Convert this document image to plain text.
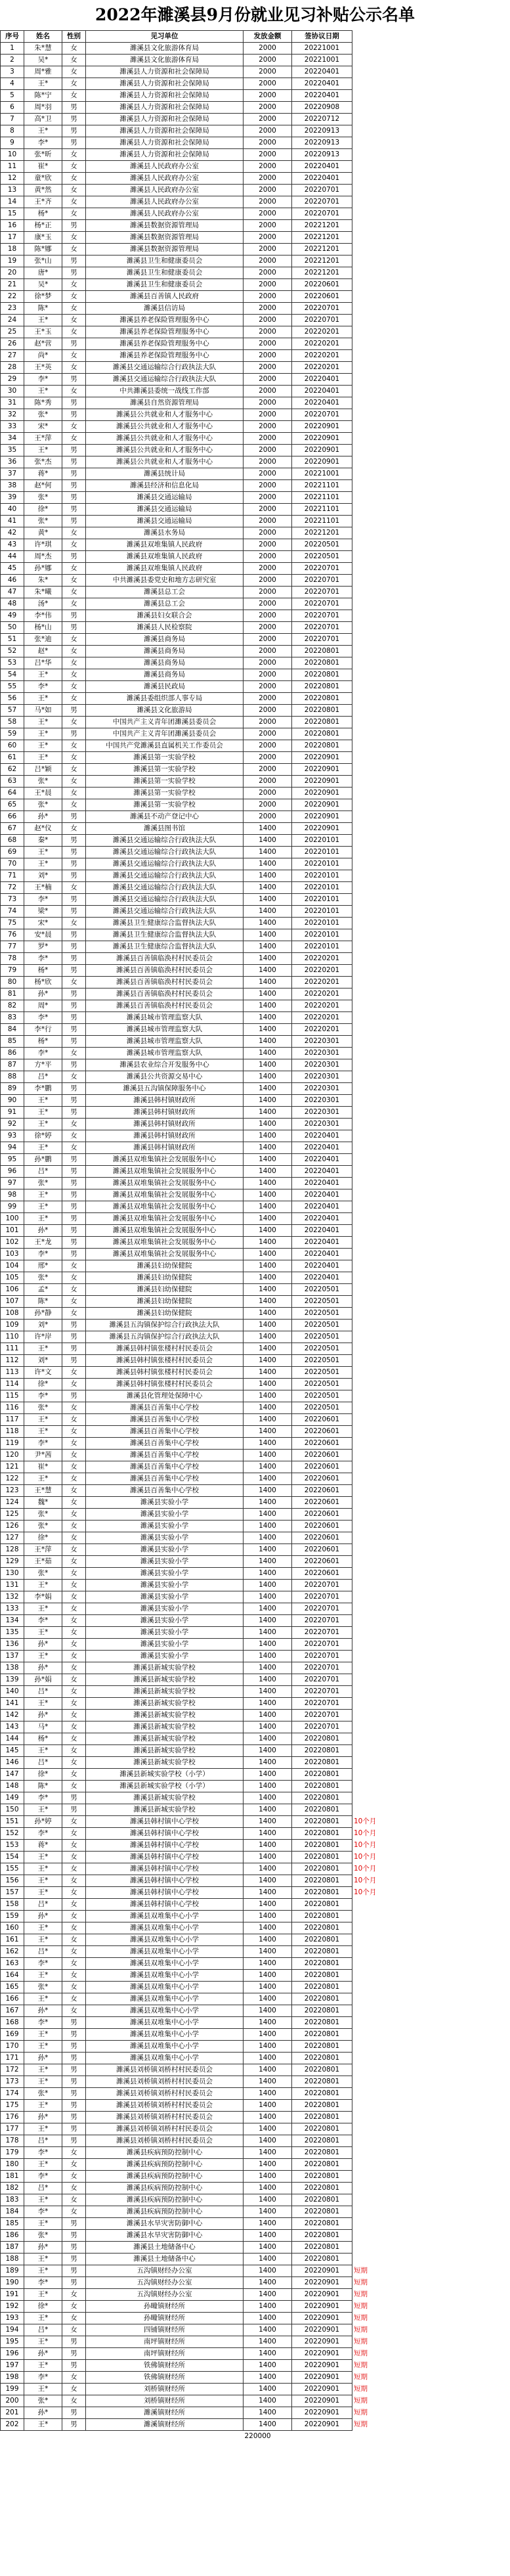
2022年濉溪县9月份就业见习补贴公示名单
序号	姓名	性别	见习单位	发放金额	签协议日期	
1	朱*慧	女	濉溪县文化旅游体育局	2000	20221001	
2	吴*	女	濉溪县文化旅游体育局	2000	20221001	
3	周*雅	女	濉溪县人力资源和社会保障局	2000	20220401	
4	王*	女	濉溪县人力资源和社会保障局	2000	20220401	
5	陈*宁	女	濉溪县人力资源和社会保障局	2000	20220401	
6	周*羽	男	濉溪县人力资源和社会保障局	2000	20220908	
7	高*卫	男	濉溪县人力资源和社会保障局	2000	20220712	
8	王*	男	濉溪县人力资源和社会保障局	2000	20220913	
9	李*	男	濉溪县人力资源和社会保障局	2000	20220913	
10	张*昕	女	濉溪县人力资源和社会保障局	2000	20220913	
11	崔*	女	濉溪县人民政府办公室	2000	20220401	
12	童*欣	女	濉溪县人民政府办公室	2000	20220401	
13	黄*然	女	濉溪县人民政府办公室	2000	20220701	
14	王*齐	女	濉溪县人民政府办公室	2000	20220701	
15	杨*	女	濉溪县人民政府办公室	2000	20220701	
16	杨*正	男	濉溪县数据资源管理局	2000	20221201	
17	康*玉	女	濉溪县数据资源管理局	2000	20221201	
18	陈*娜	女	濉溪县数据资源管理局	2000	20221201	
19	张*山	男	濉溪县卫生和健康委员会	2000	20221201	
20	唐*	男	濉溪县卫生和健康委员会	2000	20221201	
21	吴*	女	濉溪县卫生和健康委员会	2000	20220601	
22	徐*梦	女	濉溪县百善镇人民政府	2000	20220601	
23	陈*	女	濉溪县信访局	2000	20220701	
24	王*	女	濉溪县养老保险管理服务中心	2000	20220701	
25	王*玉	女	濉溪县养老保险管理服务中心	2000	20220201	
26	赵*营	男	濉溪县养老保险管理服务中心	2000	20220201	
27	尚*	女	濉溪县养老保险管理服务中心	2000	20220201	
28	王*英	女	濉溪县交通运输综合行政执法大队	2000	20220201	
29	李*	男	濉溪县交通运输综合行政执法大队	2000	20220401	
30	王*	女	中共濉溪县委统一战线工作部	2000	20220401	
31	陈*秀	男	濉溪县自然资源管理局	2000	20220401	
32	张*	男	濉溪县公共就业和人才服务中心	2000	20220701	
33	宋*	女	濉溪县公共就业和人才服务中心	2000	20220901	
34	王*萍	女	濉溪县公共就业和人才服务中心	2000	20220901	
35	王*	男	濉溪县公共就业和人才服务中心	2000	20220901	
36	张*杰	男	濉溪县公共就业和人才服务中心	2000	20220901	
37	蒋*	男	濉溪县统计局	2000	20221001	
38	赵*何	男	濉溪县经济和信息化局	2000	20221101	
39	张*	男	濉溪县交通运输局	2000	20221101	
40	徐*	男	濉溪县交通运输局	2000	20221101	
41	张*	男	濉溪县交通运输局	2000	20221101	
42	黄*	女	濉溪县水务局	2000	20221201	
43	许*琪	女	濉溪县双堆集镇人民政府	2000	20220501	
44	周*杰	男	濉溪县双堆集镇人民政府	2000	20220501	
45	孙*娜	女	濉溪县双堆集镇人民政府	2000	20220701	
46	朱*	女	中共濉溪县委党史和地方志研究室	2000	20220701	
47	朱*曦	女	濉溪县总工会	2000	20220701	
48	汤*	女	濉溪县总工会	2000	20220701	
49	李*伟	男	濉溪县妇女联合会	2000	20220701	
50	杨*山	男	濉溪县人民检察院	2000	20220701	
51	张*迪	女	濉溪县商务局	2000	20220701	
52	赵*	女	濉溪县商务局	2000	20220801	
53	吕*华	女	濉溪县商务局	2000	20220801	
54	王*	女	濉溪县商务局	2000	20220801	
55	李*	女	濉溪县民政局	2000	20220801	
56	王*	女	濉溪县委组织部人事专局	2000	20220801	
57	马*如	男	濉溪县文化旅游局	2000	20220801	
58	王*	女	中国共产主义青年团濉溪县委员会	2000	20220801	
59	王*	男	中国共产主义青年团濉溪县委员会	2000	20220801	
60	王*	女	中国共产党濉溪县直属机关工作委员会	2000	20220801	
61	王*	女	濉溪县第一实验学校	2000	20220901	
62	吕*颖	女	濉溪县第一实验学校	2000	20220901	
63	张*	女	濉溪县第一实验学校	2000	20220901	
64	王*晨	女	濉溪县第一实验学校	2000	20220901	
65	张*	女	濉溪县第一实验学校	2000	20220901	
66	孙*	男	濉溪县不动产登记中心	2000	20220901	
67	赵*仪	女	濉溪县图书馆	1400	20220901	
68	秦*	男	濉溪县交通运输综合行政执法大队	1400	20220101	
69	王*	男	濉溪县交通运输综合行政执法大队	1400	20220101	
70	王*	男	濉溪县交通运输综合行政执法大队	1400	20220101	
71	刘*	男	濉溪县交通运输综合行政执法大队	1400	20220101	
72	王*楠	女	濉溪县交通运输综合行政执法大队	1400	20220101	
73	李*	男	濉溪县交通运输综合行政执法大队	1400	20220101	
74	梁*	男	濉溪县交通运输综合行政执法大队	1400	20220101	
75	宋*	女	濉溪县卫生健康综合监督执法大队	1400	20220101	
76	安*晨	男	濉溪县卫生健康综合监督执法大队	1400	20220101	
77	罗*	男	濉溪县卫生健康综合监督执法大队	1400	20220101	
78	李*	男	濉溪县百善镇临涣村村民委员会	1400	20220201	
79	杨*	男	濉溪县百善镇临涣村村民委员会	1400	20220201	
80	杨*欣	女	濉溪县百善镇临涣村村民委员会	1400	20220201	
81	孙*	男	濉溪县百善镇临涣村村民委员会	1400	20220201	
82	周*	男	濉溪县百善镇临涣村村民委员会	1400	20220201	
83	李*	男	濉溪县城市管理监察大队	1400	20220201	
84	李*行	男	濉溪县城市管理监察大队	1400	20220201	
85	杨*	男	濉溪县城市管理监察大队	1400	20220301	
86	李*	女	濉溪县城市管理监察大队	1400	20220301	
87	方*平	男	濉溪县农业综合开发服务中心	1400	20220301	
88	吕*	女	濉溪县公共资源交易中心	1400	20220301	
89	李*鹏	男	濉溪县五沟镇保障服务中心	1400	20220301	
90	王*	男	濉溪县韩村镇财政所	1400	20220301	
91	王*	男	濉溪县韩村镇财政所	1400	20220301	
92	王*	女	濉溪县韩村镇财政所	1400	20220301	
93	徐*婷	女	濉溪县韩村镇财政所	1400	20220401	
94	王*	女	濉溪县韩村镇财政所	1400	20220401	
95	孙*鹏	男	濉溪县双堆集镇社会发展服务中心	1400	20220401	
96	吕*	男	濉溪县双堆集镇社会发展服务中心	1400	20220401	
97	张*	男	濉溪县双堆集镇社会发展服务中心	1400	20220401	
98	王*	男	濉溪县双堆集镇社会发展服务中心	1400	20220401	
99	王*	男	濉溪县双堆集镇社会发展服务中心	1400	20220401	
100	王*	男	濉溪县双堆集镇社会发展服务中心	1400	20220401	
101	孙*	男	濉溪县双堆集镇社会发展服务中心	1400	20220401	
102	王*龙	男	濉溪县双堆集镇社会发展服务中心	1400	20220401	
103	李*	男	濉溪县双堆集镇社会发展服务中心	1400	20220401	
104	邢*	女	濉溪县妇幼保健院	1400	20220401	
105	张*	女	濉溪县妇幼保健院	1400	20220401	
106	孟*	女	濉溪县妇幼保健院	1400	20220501	
107	陈*	女	濉溪县妇幼保健院	1400	20220501	
108	孙*静	女	濉溪县妇幼保健院	1400	20220501	
109	刘*	男	濉溪县五沟镇保护综合行政执法大队	1400	20220501	
110	许*岸	男	濉溪县五沟镇保护综合行政执法大队	1400	20220501	
111	王*	男	濉溪县韩村镇张楼村村民委员会	1400	20220501	
112	刘*	男	濉溪县韩村镇张楼村村民委员会	1400	20220501	
113	许*文	女	濉溪县韩村镇张楼村村民委员会	1400	20220501	
114	徐*	女	濉溪县韩村镇张楼村村民委员会	1400	20220501	
115	李*	男	濉溪县化管理处保障中心	1400	20220501	
116	张*	女	濉溪县百善集中心学校	1400	20220501	
117	王*	女	濉溪县百善集中心学校	1400	20220601	
118	王*	女	濉溪县百善集中心学校	1400	20220601	
119	李*	女	濉溪县百善集中心学校	1400	20220601	
120	尹*茜	女	濉溪县百善集中心学校	1400	20220601	
121	崔*	女	濉溪县百善集中心学校	1400	20220601	
122	王*	女	濉溪县百善集中心学校	1400	20220601	
123	王*慧	女	濉溪县百善集中心学校	1400	20220601	
124	魏*	女	濉溪县实验小学	1400	20220601	
125	张*	女	濉溪县实验小学	1400	20220601	
126	张*	女	濉溪县实验小学	1400	20220601	
127	徐*	女	濉溪县实验小学	1400	20220601	
128	王*萍	女	濉溪县实验小学	1400	20220601	
129	王*茹	女	濉溪县实验小学	1400	20220601	
130	张*	女	濉溪县实验小学	1400	20220601	
131	王*	女	濉溪县实验小学	1400	20220701	
132	李*娟	女	濉溪县实验小学	1400	20220701	
133	王*	女	濉溪县实验小学	1400	20220701	
134	李*	女	濉溪县实验小学	1400	20220701	
135	王*	女	濉溪县实验小学	1400	20220701	
136	孙*	女	濉溪县实验小学	1400	20220701	
137	王*	女	濉溪县实验小学	1400	20220701	
138	孙*	女	濉溪县新城实验学校	1400	20220701	
139	孙*娟	女	濉溪县新城实验学校	1400	20220701	
140	吕*	女	濉溪县新城实验学校	1400	20220701	
141	王*	女	濉溪县新城实验学校	1400	20220701	
142	孙*	女	濉溪县新城实验学校	1400	20220701	
143	马*	女	濉溪县新城实验学校	1400	20220701	
144	杨*	女	濉溪县新城实验学校	1400	20220801	
145	王*	女	濉溪县新城实验学校	1400	20220801	
146	吕*	女	濉溪县新城实验学校	1400	20220801	
147	徐*	女	濉溪县新城实验学校（小学）	1400	20220801	
148	陈*	女	濉溪县新城实验学校（小学）	1400	20220801	
149	李*	男	濉溪县新城实验学校	1400	20220801	
150	王*	男	濉溪县新城实验学校	1400	20220801	
151	孙*婷	女	濉溪县韩村镇中心学校	1400	20220801	10个月
152	李*	女	濉溪县韩村镇中心学校	1400	20220801	10个月
153	蒋*	女	濉溪县韩村镇中心学校	1400	20220801	10个月
154	王*	女	濉溪县韩村镇中心学校	1400	20220801	10个月
155	王*	女	濉溪县韩村镇中心学校	1400	20220801	10个月
156	王*	女	濉溪县韩村镇中心学校	1400	20220801	10个月
157	王*	女	濉溪县韩村镇中心学校	1400	20220801	10个月
158	吕*	女	濉溪县韩村镇中心学校	1400	20220801	
159	孙*	女	濉溪县双堆集中心小学	1400	20220801	
160	王*	女	濉溪县双堆集中心小学	1400	20220801	
161	王*	女	濉溪县双堆集中心小学	1400	20220801	
162	吕*	女	濉溪县双堆集中心小学	1400	20220801	
163	李*	女	濉溪县双堆集中心小学	1400	20220801	
164	王*	女	濉溪县双堆集中心小学	1400	20220801	
165	张*	女	濉溪县双堆集中心小学	1400	20220801	
166	王*	女	濉溪县双堆集中心小学	1400	20220801	
167	孙*	女	濉溪县双堆集中心小学	1400	20220801	
168	李*	男	濉溪县双堆集中心小学	1400	20220801	
169	王*	男	濉溪县双堆集中心小学	1400	20220801	
170	王*	男	濉溪县双堆集中心小学	1400	20220801	
171	孙*	男	濉溪县双堆集中心小学	1400	20220801	
172	王*	男	濉溪县刘桥镇刘桥村村民委员会	1400	20220801	
173	王*	男	濉溪县刘桥镇刘桥村村民委员会	1400	20220801	
174	张*	男	濉溪县刘桥镇刘桥村村民委员会	1400	20220801	
175	王*	男	濉溪县刘桥镇刘桥村村民委员会	1400	20220801	
176	孙*	男	濉溪县刘桥镇刘桥村村民委员会	1400	20220801	
177	王*	男	濉溪县刘桥镇刘桥村村民委员会	1400	20220801	
178	吕*	男	濉溪县刘桥镇刘桥村村民委员会	1400	20220801	
179	李*	女	濉溪县疾病预防控制中心	1400	20220801	
180	王*	女	濉溪县疾病预防控制中心	1400	20220801	
181	李*	女	濉溪县疾病预防控制中心	1400	20220801	
182	吕*	女	濉溪县疾病预防控制中心	1400	20220801	
183	王*	女	濉溪县疾病预防控制中心	1400	20220801	
184	李*	女	濉溪县疾病预防控制中心	1400	20220801	
185	王*	男	濉溪县水旱灾害防御中心	1400	20220801	
186	张*	男	濉溪县水旱灾害防御中心	1400	20220801	
187	孙*	男	濉溪县土地储备中心	1400	20220801	
188	王*	男	濉溪县土地储备中心	1400	20220801	
189	王*	男	五沟镇财经办公室	1400	20220901	短期
190	李*	男	五沟镇财经办公室	1400	20220901	短期
191	王*	女	五沟镇财经办公室	1400	20220901	短期
192	徐*	女	孙疃镇财经所	1400	20220901	短期
193	王*	女	孙疃镇财经所	1400	20220901	短期
194	吕*	女	四铺镇财经所	1400	20220901	短期
195	王*	男	南坪镇财经所	1400	20220901	短期
196	孙*	男	南坪镇财经所	1400	20220901	短期
197	王*	男	铁佛镇财经所	1400	20220901	短期
198	李*	女	铁佛镇财经所	1400	20220901	短期
199	王*	女	刘桥镇财经所	1400	20220901	短期
200	张*	女	刘桥镇财经所	1400	20220901	短期
201	孙*	男	濉溪镇财经所	1400	20220901	短期
202	王*	男	濉溪镇财经所	1400	20220901	短期
				220000		
